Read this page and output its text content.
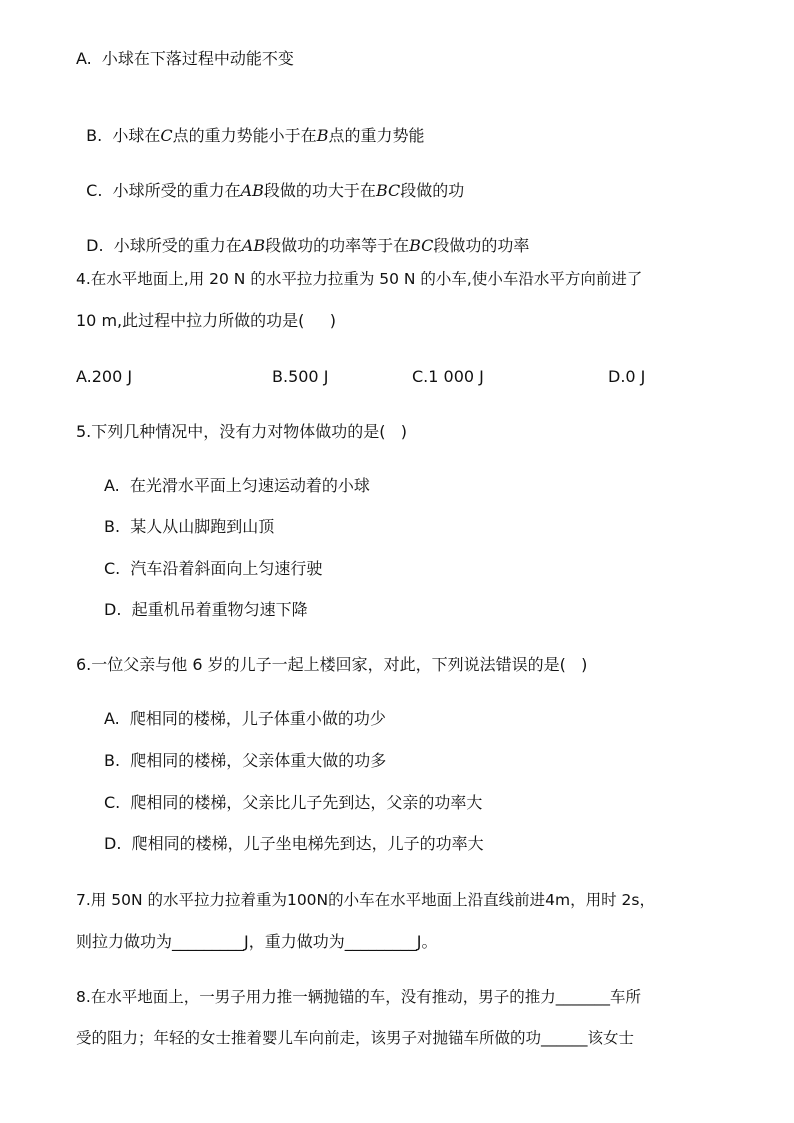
A.  小球在下落过程中动能不变

B.  小球在C点的重力势能小于在B点的重力势能

C.  小球所受的重力在AB段做的功大于在BC段做的功

D.  小球所受的重力在AB段做功的功率等于在BC段做功的功率

4.在水平地面上,用 20 N 的水平拉力拉重为 50 N 的小车,使小车沿水平方向前进了
10 m,此过程中拉力所做的功是(     )
A.200 J	B.500 J	C.1 000 J	D.0 J
5.下列几种情况中，没有力对物体做功的是(   )
A.  在光滑水平面上匀速运动着的小球
B.  某人从山脚跑到山顶
C.  汽车沿着斜面向上匀速行驶
D.  起重机吊着重物匀速下降
6.一位父亲与他 6 岁的儿子一起上楼回家，对此，下列说法错误的是(   )
A.  爬相同的楼梯，儿子体重小做的功少
B.  爬相同的楼梯，父亲体重大做的功多
C.  爬相同的楼梯，父亲比儿子先到达，父亲的功率大
D.  爬相同的楼梯，儿子坐电梯先到达，儿子的功率大
7.用 50N 的水平拉力拉着重为100N的小车在水平地面上沿直线前进4m，用时 2s，
则拉力做功为_________J，重力做功为_________J。
8.在水平地面上，一男子用力推一辆抛锚的车，没有推动，男子的推力_______车所
受的阻力；年轻的女士推着婴儿车向前走，该男子对抛锚车所做的功______该女士
